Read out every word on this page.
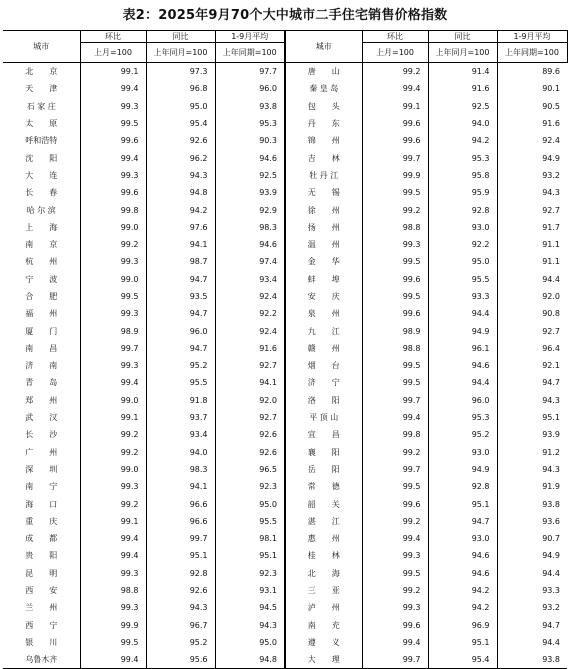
表2：2025年9月70个大中城市二手住宅销售价格指数
城市	环比	同比	1-9月平均	城市	环比	同比	1-9月平均
	上月=100	上年同月=100	上年同期=100		上月=100	上年同月=100	上年同期=100
北　　京	99.1	97.3	97.7	唐　　山	99.2	91.4	89.6
天　　津	99.4	96.8	96.0	秦 皇 岛	99.4	91.6	90.1
石 家 庄	99.3	95.0	93.8	包　　头	99.1	92.5	90.5
太　　原	99.5	95.4	95.3	丹　　东	99.6	94.0	91.6
呼和浩特	99.6	92.6	90.3	锦　　州	99.6	94.2	92.4
沈　　阳	99.4	96.2	94.6	吉　　林	99.7	95.3	94.9
大　　连	99.3	94.3	92.5	牡 丹 江	99.9	95.8	93.2
长　　春	99.6	94.8	93.9	无　　锡	99.5	95.9	94.3
哈 尔 滨	99.8	94.2	92.9	徐　　州	99.2	92.8	92.7
上　　海	99.0	97.6	98.3	扬　　州	98.8	93.0	91.7
南　　京	99.2	94.1	94.6	温　　州	99.3	92.2	91.1
杭　　州	99.3	98.7	97.4	金　　华	99.5	95.0	91.1
宁　　波	99.0	94.7	93.4	蚌　　埠	99.6	95.5	94.4
合　　肥	99.5	93.5	92.4	安　　庆	99.5	93.3	92.0
福　　州	99.3	94.7	92.2	泉　　州	99.6	94.4	90.8
厦　　门	98.9	96.0	92.4	九　　江	98.9	94.9	92.7
南　　昌	99.7	94.7	91.6	赣　　州	98.8	96.1	96.4
济　　南	99.3	95.2	92.7	烟　　台	99.5	94.6	92.1
青　　岛	99.4	95.5	94.1	济　　宁	99.5	94.4	94.7
郑　　州	99.0	91.8	92.0	洛　　阳	99.7	96.0	94.3
武　　汉	99.1	93.7	92.7	平 顶 山	99.4	95.3	95.1
长　　沙	99.2	93.4	92.6	宜　　昌	99.8	95.2	93.9
广　　州	99.2	94.0	92.6	襄　　阳	99.2	93.0	91.2
深　　圳	99.0	98.3	96.5	岳　　阳	99.7	94.9	94.3
南　　宁	99.3	94.1	92.3	常　　德	99.5	92.8	91.9
海　　口	99.2	96.6	95.0	韶　　关	99.6	95.1	93.8
重　　庆	99.1	96.6	95.5	湛　　江	99.2	94.7	93.6
成　　都	99.4	99.7	98.1	惠　　州	99.4	93.0	90.7
贵　　阳	99.4	95.1	95.1	桂　　林	99.3	94.6	94.9
昆　　明	99.3	92.8	92.3	北　　海	99.5	94.6	94.4
西　　安	98.8	92.6	93.1	三　　亚	99.2	94.2	93.3
兰　　州	99.3	94.3	94.5	泸　　州	99.3	94.2	93.2
西　　宁	99.9	96.7	94.3	南　　充	99.6	96.9	94.7
银　　川	99.5	95.2	95.0	遵　　义	99.4	95.1	94.4
乌鲁木齐	99.4	95.6	94.8	大　　理	99.7	95.4	93.8
